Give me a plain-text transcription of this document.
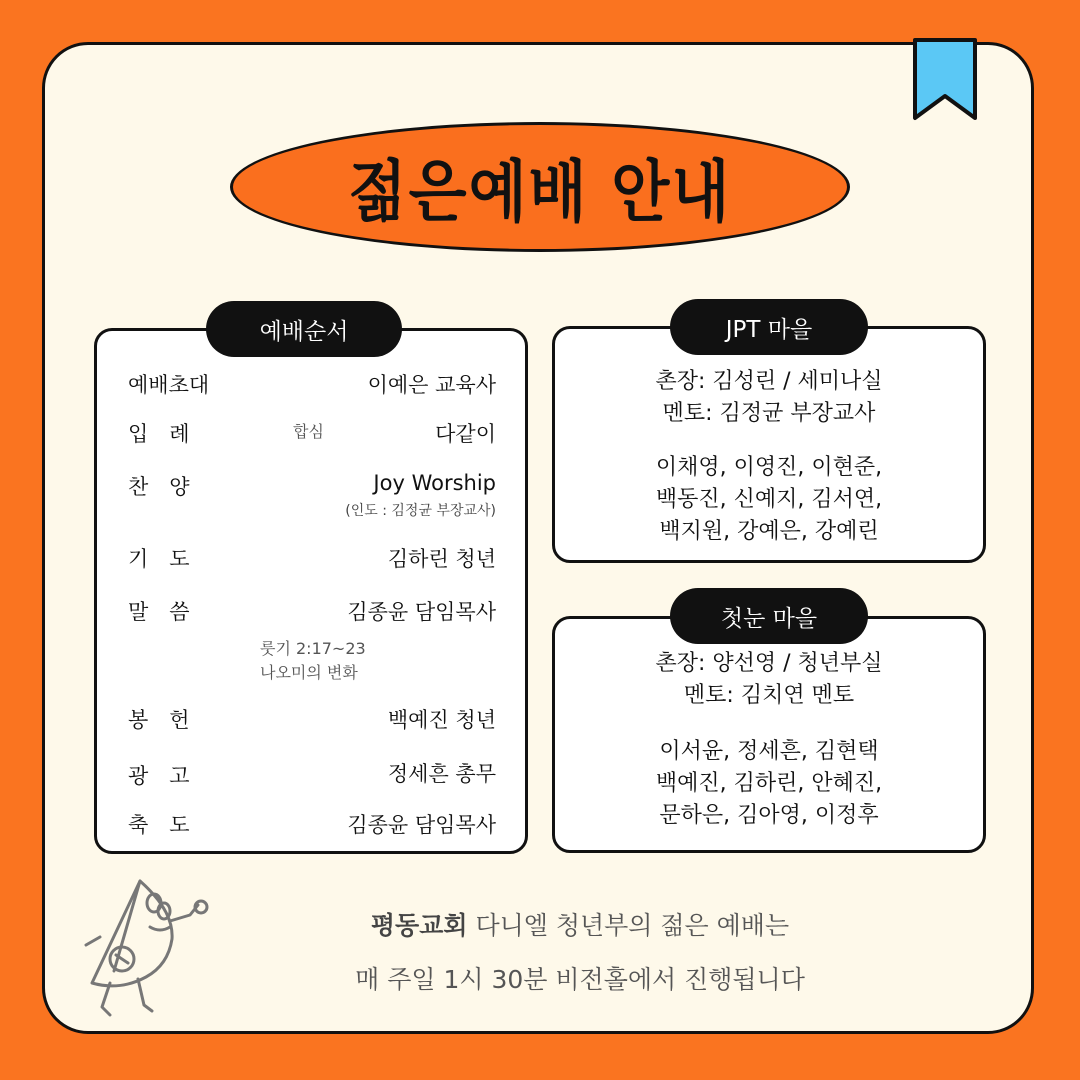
젊은예배 안내
예배순서
예배초대	이예은 교육사
입　례	합심	다같이
찬　양	Joy Worship
(인도 : 김정균 부장교사)
기　도	김하린 청년
말　씀	김종윤 담임목사
룻기 2:17~23
나오미의 변화
봉　헌	백예진 청년
광　고	정세흔 총무
축　도	김종윤 담임목사
JPT 마을
촌장: 김성린 / 세미나실
멘토: 김정균 부장교사
이채영, 이영진, 이현준,
백동진, 신예지, 김서연,
백지원, 강예은, 강예린
첫눈 마을
촌장: 양선영 / 청년부실
멘토: 김치연 멘토
이서윤, 정세흔, 김현택
백예진, 김하린, 안혜진,
문하은, 김아영, 이정후
평동교회 다니엘 청년부의 젊은 예배는
매 주일 1시 30분 비전홀에서 진행됩니다
